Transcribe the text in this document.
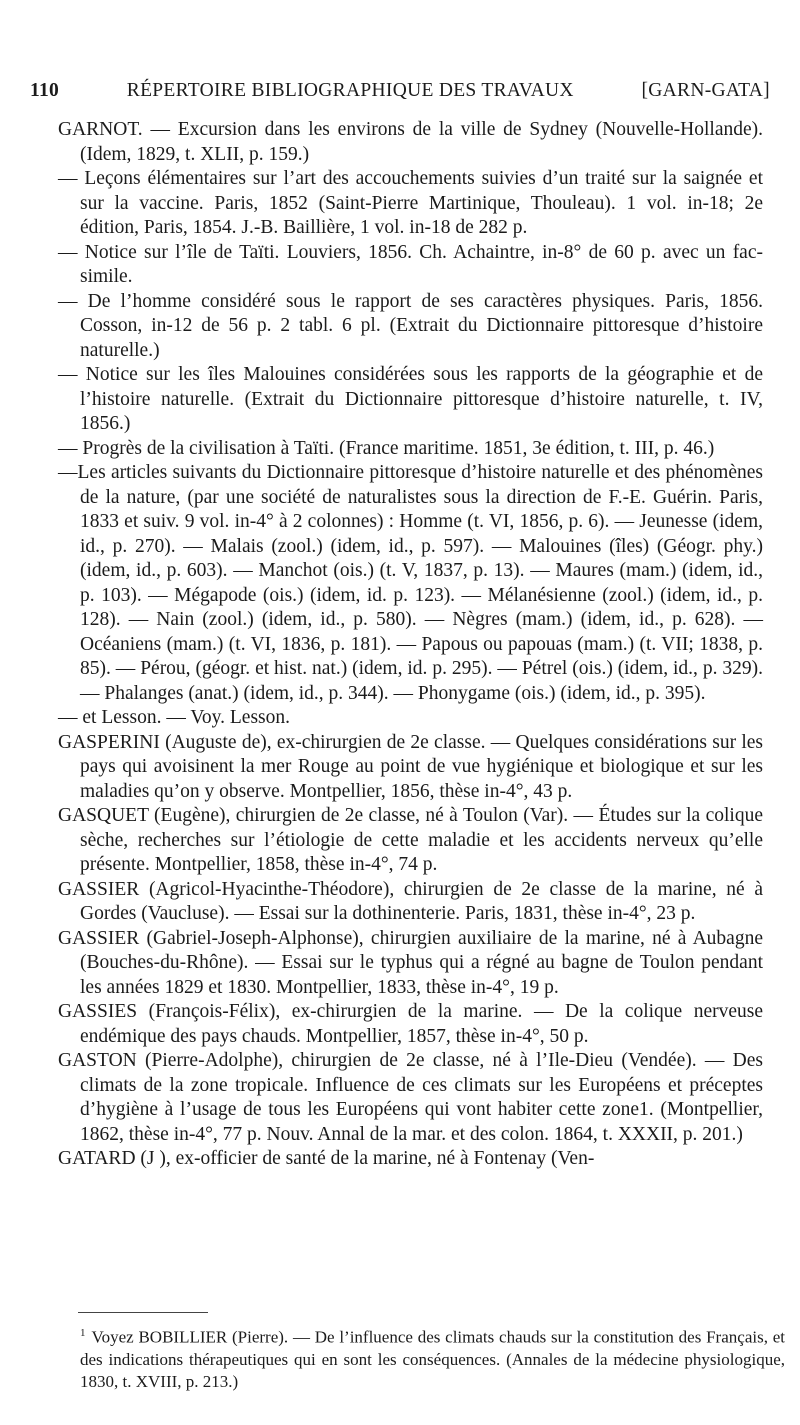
110	RÉPERTOIRE BIBLIOGRAPHIQUE DES TRAVAUX	[GARN-GATA]

GARNOT. — Excursion dans les environs de la ville de Sydney (Nouvelle-Hollande). (Idem, 1829, t. XLII, p. 159.)

— Leçons élémentaires sur l’art des accouchements suivies d’un traité sur la saignée et sur la vaccine. Paris, 1852 (Saint-Pierre Martinique, Thouleau). 1 vol. in-18; 2e édition, Paris, 1854. J.-B. Baillière, 1 vol. in-18 de 282 p.

— Notice sur l’île de Taïti. Louviers, 1856. Ch. Achaintre, in-8° de 60 p. avec un fac-simile.

— De l’homme considéré sous le rapport de ses caractères physiques. Paris, 1856. Cosson, in-12 de 56 p. 2 tabl. 6 pl. (Extrait du Dictionnaire pittoresque d’histoire naturelle.)

— Notice sur les îles Malouines considérées sous les rapports de la géographie et de l’histoire naturelle. (Extrait du Dictionnaire pittoresque d’histoire naturelle, t. IV, 1856.)

— Progrès de la civilisation à Taïti. (France maritime. 1851, 3e édition, t. III, p. 46.)

—Les articles suivants du Dictionnaire pittoresque d’histoire naturelle et des phénomènes de la nature, (par une société de naturalistes sous la direction de F.-E. Guérin. Paris, 1833 et suiv. 9 vol. in-4° à 2 colonnes) : Homme (t. VI, 1856, p. 6). — Jeunesse (idem, id., p. 270). — Malais (zool.) (idem, id., p. 597). — Malouines (îles) (Géogr. phy.) (idem, id., p. 603). — Manchot (ois.) (t. V, 1837, p. 13). — Maures (mam.) (idem, id., p. 103). — Mégapode (ois.) (idem, id. p. 123). — Mélanésienne (zool.) (idem, id., p. 128). — Nain (zool.) (idem, id., p. 580). — Nègres (mam.) (idem, id., p. 628). — Océaniens (mam.) (t. VI, 1836, p. 181). — Papous ou papouas (mam.) (t. VII; 1838, p. 85). — Pérou, (géogr. et hist. nat.) (idem, id. p. 295). — Pétrel (ois.) (idem, id., p. 329). — Phalanges (anat.) (idem, id., p. 344). — Phonygame (ois.) (idem, id., p. 395).

— et Lesson. — Voy. Lesson.

GASPERINI (Auguste de), ex-chirurgien de 2e classe. — Quelques considérations sur les pays qui avoisinent la mer Rouge au point de vue hygiénique et biologique et sur les maladies qu’on y observe. Montpellier, 1856, thèse in-4°, 43 p.

GASQUET (Eugène), chirurgien de 2e classe, né à Toulon (Var). — Études sur la colique sèche, recherches sur l’étiologie de cette maladie et les accidents nerveux qu’elle présente. Montpellier, 1858, thèse in-4°, 74 p.

GASSIER (Agricol-Hyacinthe-Théodore), chirurgien de 2e classe de la marine, né à Gordes (Vaucluse). — Essai sur la dothinenterie. Paris, 1831, thèse in-4°, 23 p.

GASSIER (Gabriel-Joseph-Alphonse), chirurgien auxiliaire de la marine, né à Aubagne (Bouches-du-Rhône). — Essai sur le typhus qui a régné au bagne de Toulon pendant les années 1829 et 1830. Montpellier, 1833, thèse in-4°, 19 p.

GASSIES (François-Félix), ex-chirurgien de la marine. — De la colique nerveuse endémique des pays chauds. Montpellier, 1857, thèse in-4°, 50 p.

GASTON (Pierre-Adolphe), chirurgien de 2e classe, né à l’Ile-Dieu (Vendée). — Des climats de la zone tropicale. Influence de ces climats sur les Européens et préceptes d’hygiène à l’usage de tous les Européens qui vont habiter cette zone1. (Montpellier, 1862, thèse in-4°, 77 p. Nouv. Annal de la mar. et des colon. 1864, t. XXXII, p. 201.)

GATARD (J ), ex-officier de santé de la marine, né à Fontenay (Ven-

$^1$ Voyez BOBILLIER (Pierre). — De l’influence des climats chauds sur la constitution des Français, et des indications thérapeutiques qui en sont les conséquences. (Annales de la médecine physiologique, 1830, t. XVIII, p. 213.)
